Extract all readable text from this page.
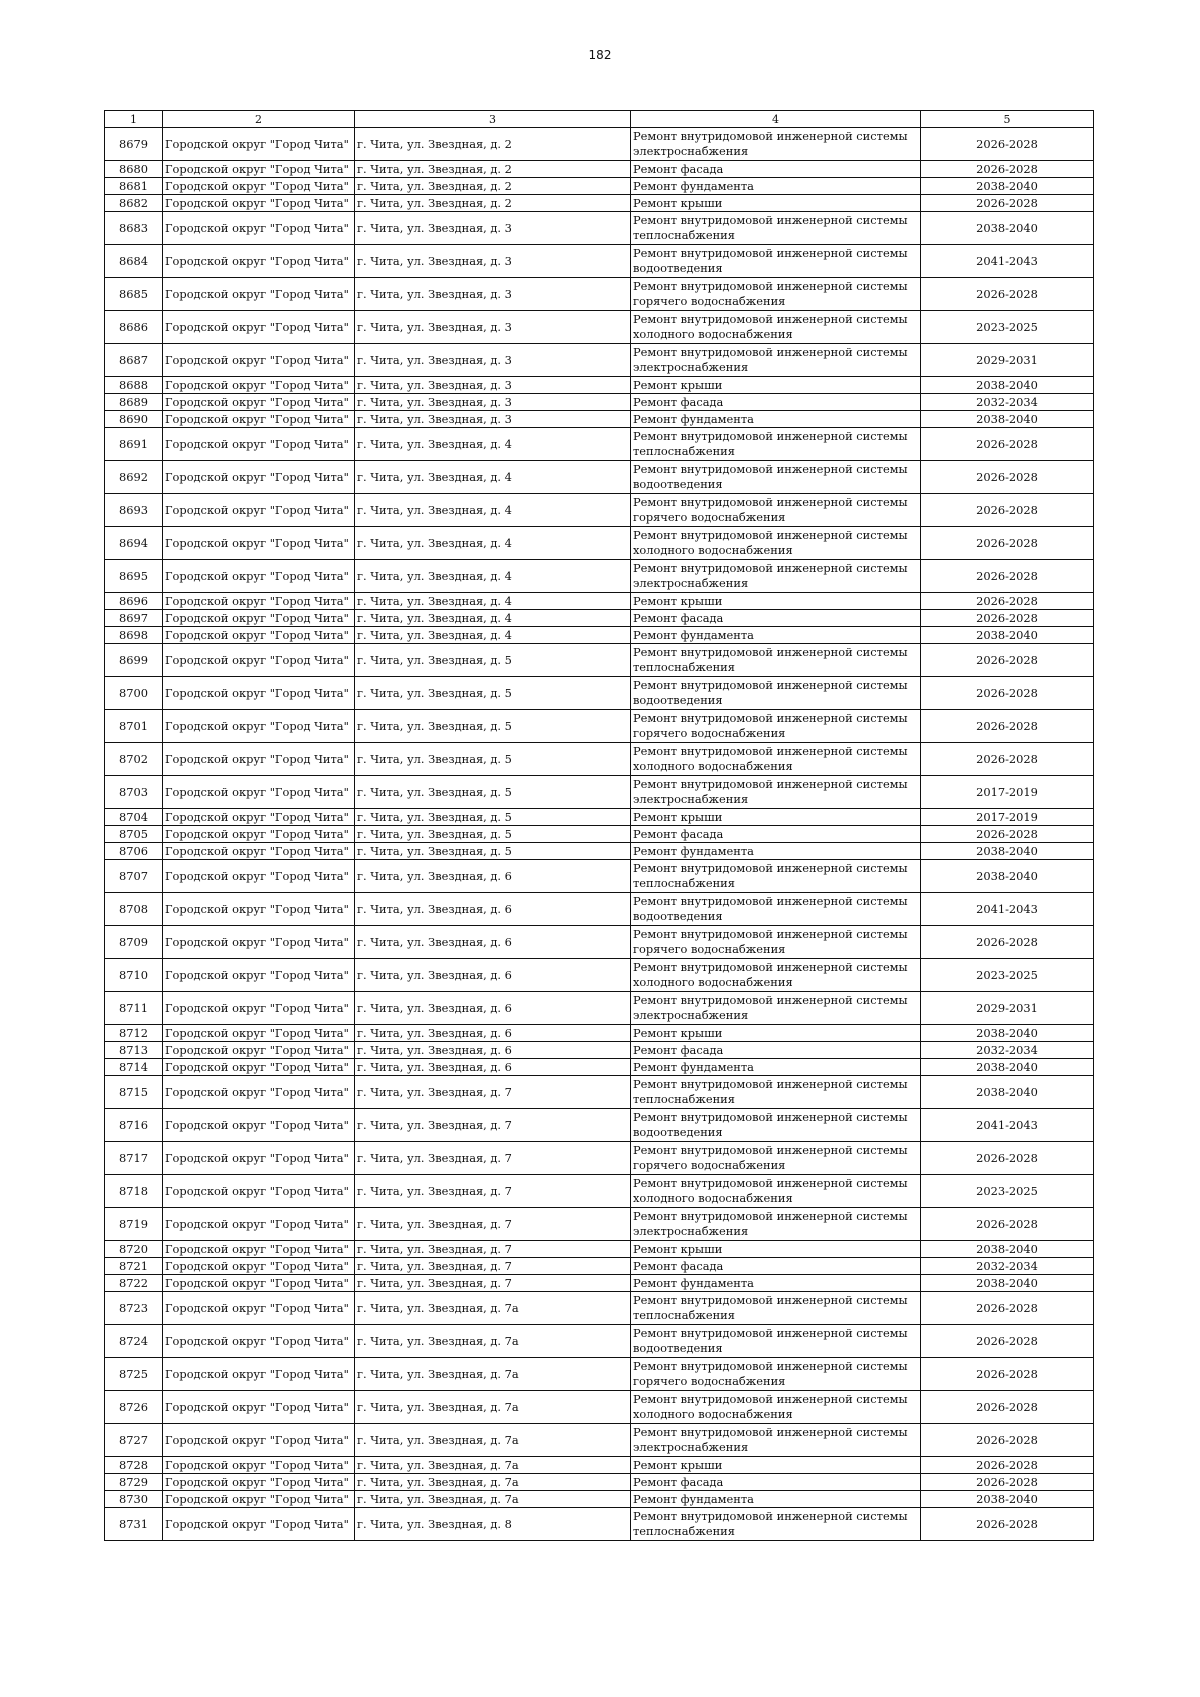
182
1	2	3	4	5
8679	Городской округ "Город Чита"	г. Чита, ул. Звездная, д. 2	Ремонт внутридомовой инженерной системы электроснабжения	2026-2028
8680	Городской округ "Город Чита"	г. Чита, ул. Звездная, д. 2	Ремонт фасада	2026-2028
8681	Городской округ "Город Чита"	г. Чита, ул. Звездная, д. 2	Ремонт фундамента	2038-2040
8682	Городской округ "Город Чита"	г. Чита, ул. Звездная, д. 2	Ремонт крыши	2026-2028
8683	Городской округ "Город Чита"	г. Чита, ул. Звездная, д. 3	Ремонт внутридомовой инженерной системы теплоснабжения	2038-2040
8684	Городской округ "Город Чита"	г. Чита, ул. Звездная, д. 3	Ремонт внутридомовой инженерной системы водоотведения	2041-2043
8685	Городской округ "Город Чита"	г. Чита, ул. Звездная, д. 3	Ремонт внутридомовой инженерной системы горячего водоснабжения	2026-2028
8686	Городской округ "Город Чита"	г. Чита, ул. Звездная, д. 3	Ремонт внутридомовой инженерной системы холодного водоснабжения	2023-2025
8687	Городской округ "Город Чита"	г. Чита, ул. Звездная, д. 3	Ремонт внутридомовой инженерной системы электроснабжения	2029-2031
8688	Городской округ "Город Чита"	г. Чита, ул. Звездная, д. 3	Ремонт крыши	2038-2040
8689	Городской округ "Город Чита"	г. Чита, ул. Звездная, д. 3	Ремонт фасада	2032-2034
8690	Городской округ "Город Чита"	г. Чита, ул. Звездная, д. 3	Ремонт фундамента	2038-2040
8691	Городской округ "Город Чита"	г. Чита, ул. Звездная, д. 4	Ремонт внутридомовой инженерной системы теплоснабжения	2026-2028
8692	Городской округ "Город Чита"	г. Чита, ул. Звездная, д. 4	Ремонт внутридомовой инженерной системы водоотведения	2026-2028
8693	Городской округ "Город Чита"	г. Чита, ул. Звездная, д. 4	Ремонт внутридомовой инженерной системы горячего водоснабжения	2026-2028
8694	Городской округ "Город Чита"	г. Чита, ул. Звездная, д. 4	Ремонт внутридомовой инженерной системы холодного водоснабжения	2026-2028
8695	Городской округ "Город Чита"	г. Чита, ул. Звездная, д. 4	Ремонт внутридомовой инженерной системы электроснабжения	2026-2028
8696	Городской округ "Город Чита"	г. Чита, ул. Звездная, д. 4	Ремонт крыши	2026-2028
8697	Городской округ "Город Чита"	г. Чита, ул. Звездная, д. 4	Ремонт фасада	2026-2028
8698	Городской округ "Город Чита"	г. Чита, ул. Звездная, д. 4	Ремонт фундамента	2038-2040
8699	Городской округ "Город Чита"	г. Чита, ул. Звездная, д. 5	Ремонт внутридомовой инженерной системы теплоснабжения	2026-2028
8700	Городской округ "Город Чита"	г. Чита, ул. Звездная, д. 5	Ремонт внутридомовой инженерной системы водоотведения	2026-2028
8701	Городской округ "Город Чита"	г. Чита, ул. Звездная, д. 5	Ремонт внутридомовой инженерной системы горячего водоснабжения	2026-2028
8702	Городской округ "Город Чита"	г. Чита, ул. Звездная, д. 5	Ремонт внутридомовой инженерной системы холодного водоснабжения	2026-2028
8703	Городской округ "Город Чита"	г. Чита, ул. Звездная, д. 5	Ремонт внутридомовой инженерной системы электроснабжения	2017-2019
8704	Городской округ "Город Чита"	г. Чита, ул. Звездная, д. 5	Ремонт крыши	2017-2019
8705	Городской округ "Город Чита"	г. Чита, ул. Звездная, д. 5	Ремонт фасада	2026-2028
8706	Городской округ "Город Чита"	г. Чита, ул. Звездная, д. 5	Ремонт фундамента	2038-2040
8707	Городской округ "Город Чита"	г. Чита, ул. Звездная, д. 6	Ремонт внутридомовой инженерной системы теплоснабжения	2038-2040
8708	Городской округ "Город Чита"	г. Чита, ул. Звездная, д. 6	Ремонт внутридомовой инженерной системы водоотведения	2041-2043
8709	Городской округ "Город Чита"	г. Чита, ул. Звездная, д. 6	Ремонт внутридомовой инженерной системы горячего водоснабжения	2026-2028
8710	Городской округ "Город Чита"	г. Чита, ул. Звездная, д. 6	Ремонт внутридомовой инженерной системы холодного водоснабжения	2023-2025
8711	Городской округ "Город Чита"	г. Чита, ул. Звездная, д. 6	Ремонт внутридомовой инженерной системы электроснабжения	2029-2031
8712	Городской округ "Город Чита"	г. Чита, ул. Звездная, д. 6	Ремонт крыши	2038-2040
8713	Городской округ "Город Чита"	г. Чита, ул. Звездная, д. 6	Ремонт фасада	2032-2034
8714	Городской округ "Город Чита"	г. Чита, ул. Звездная, д. 6	Ремонт фундамента	2038-2040
8715	Городской округ "Город Чита"	г. Чита, ул. Звездная, д. 7	Ремонт внутридомовой инженерной системы теплоснабжения	2038-2040
8716	Городской округ "Город Чита"	г. Чита, ул. Звездная, д. 7	Ремонт внутридомовой инженерной системы водоотведения	2041-2043
8717	Городской округ "Город Чита"	г. Чита, ул. Звездная, д. 7	Ремонт внутридомовой инженерной системы горячего водоснабжения	2026-2028
8718	Городской округ "Город Чита"	г. Чита, ул. Звездная, д. 7	Ремонт внутридомовой инженерной системы холодного водоснабжения	2023-2025
8719	Городской округ "Город Чита"	г. Чита, ул. Звездная, д. 7	Ремонт внутридомовой инженерной системы электроснабжения	2026-2028
8720	Городской округ "Город Чита"	г. Чита, ул. Звездная, д. 7	Ремонт крыши	2038-2040
8721	Городской округ "Город Чита"	г. Чита, ул. Звездная, д. 7	Ремонт фасада	2032-2034
8722	Городской округ "Город Чита"	г. Чита, ул. Звездная, д. 7	Ремонт фундамента	2038-2040
8723	Городской округ "Город Чита"	г. Чита, ул. Звездная, д. 7а	Ремонт внутридомовой инженерной системы теплоснабжения	2026-2028
8724	Городской округ "Город Чита"	г. Чита, ул. Звездная, д. 7а	Ремонт внутридомовой инженерной системы водоотведения	2026-2028
8725	Городской округ "Город Чита"	г. Чита, ул. Звездная, д. 7а	Ремонт внутридомовой инженерной системы горячего водоснабжения	2026-2028
8726	Городской округ "Город Чита"	г. Чита, ул. Звездная, д. 7а	Ремонт внутридомовой инженерной системы холодного водоснабжения	2026-2028
8727	Городской округ "Город Чита"	г. Чита, ул. Звездная, д. 7а	Ремонт внутридомовой инженерной системы электроснабжения	2026-2028
8728	Городской округ "Город Чита"	г. Чита, ул. Звездная, д. 7а	Ремонт крыши	2026-2028
8729	Городской округ "Город Чита"	г. Чита, ул. Звездная, д. 7а	Ремонт фасада	2026-2028
8730	Городской округ "Город Чита"	г. Чита, ул. Звездная, д. 7а	Ремонт фундамента	2038-2040
8731	Городской округ "Город Чита"	г. Чита, ул. Звездная, д. 8	Ремонт внутридомовой инженерной системы теплоснабжения	2026-2028
